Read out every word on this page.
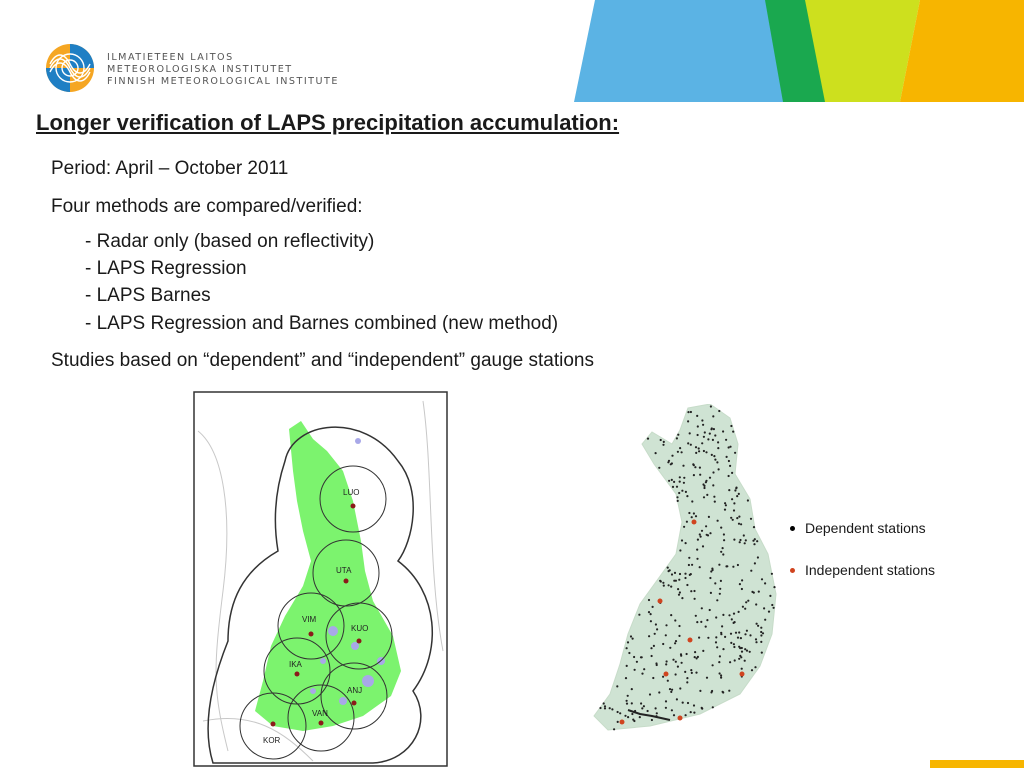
ILMATIETEEN LAITOS
METEOROLOGISKA INSTITUTET
FINNISH METEOROLOGICAL INSTITUTE
Longer verification of LAPS precipitation accumulation:
Period: April – October 2011
Four methods are compared/verified:
- Radar only (based on reflectivity)
- LAPS Regression
- LAPS Barnes
- LAPS Regression and Barnes combined (new method)
Studies based on “dependent” and “independent” gauge stations
LUO
UTA
VIM
KUO
IKA
ANJ
VAN
KOR
Dependent stations
Independent stations
